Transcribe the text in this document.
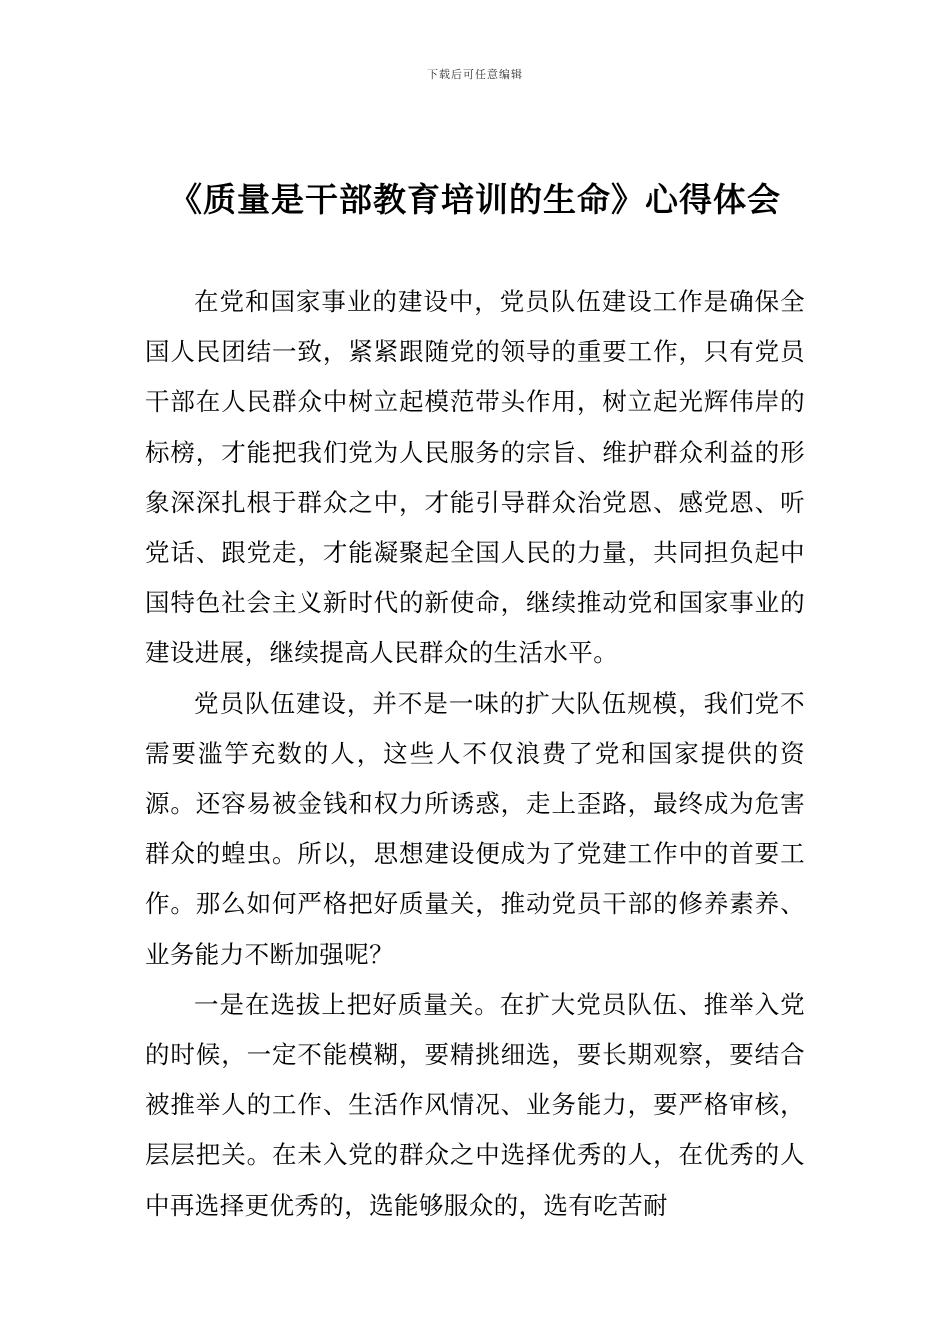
下载后可任意编辑
《质量是干部教育培训的生命》心得体会

在党和国家事业的建设中，党员队伍建设工作是确保全国人民团结一致，紧紧跟随党的领导的重要工作，只有党员干部在人民群众中树立起模范带头作用，树立起光辉伟岸的标榜，才能把我们党为人民服务的宗旨、维护群众利益的形象深深扎根于群众之中，才能引导群众治党恩、感党恩、听党话、跟党走，才能凝聚起全国人民的力量，共同担负起中国特色社会主义新时代的新使命，继续推动党和国家事业的建设进展，继续提高人民群众的生活水平。

党员队伍建设，并不是一味的扩大队伍规模，我们党不需要滥竽充数的人，这些人不仅浪费了党和国家提供的资源。还容易被金钱和权力所诱惑，走上歪路，最终成为危害群众的蝗虫。所以，思想建设便成为了党建工作中的首要工作。那么如何严格把好质量关，推动党员干部的修养素养、业务能力不断加强呢？

一是在选拔上把好质量关。在扩大党员队伍、推举入党的时候，一定不能模糊，要精挑细选，要长期观察，要结合被推举人的工作、生活作风情况、业务能力，要严格审核，层层把关。在未入党的群众之中选择优秀的人，在优秀的人中再选择更优秀的，选能够服众的，选有吃苦耐
